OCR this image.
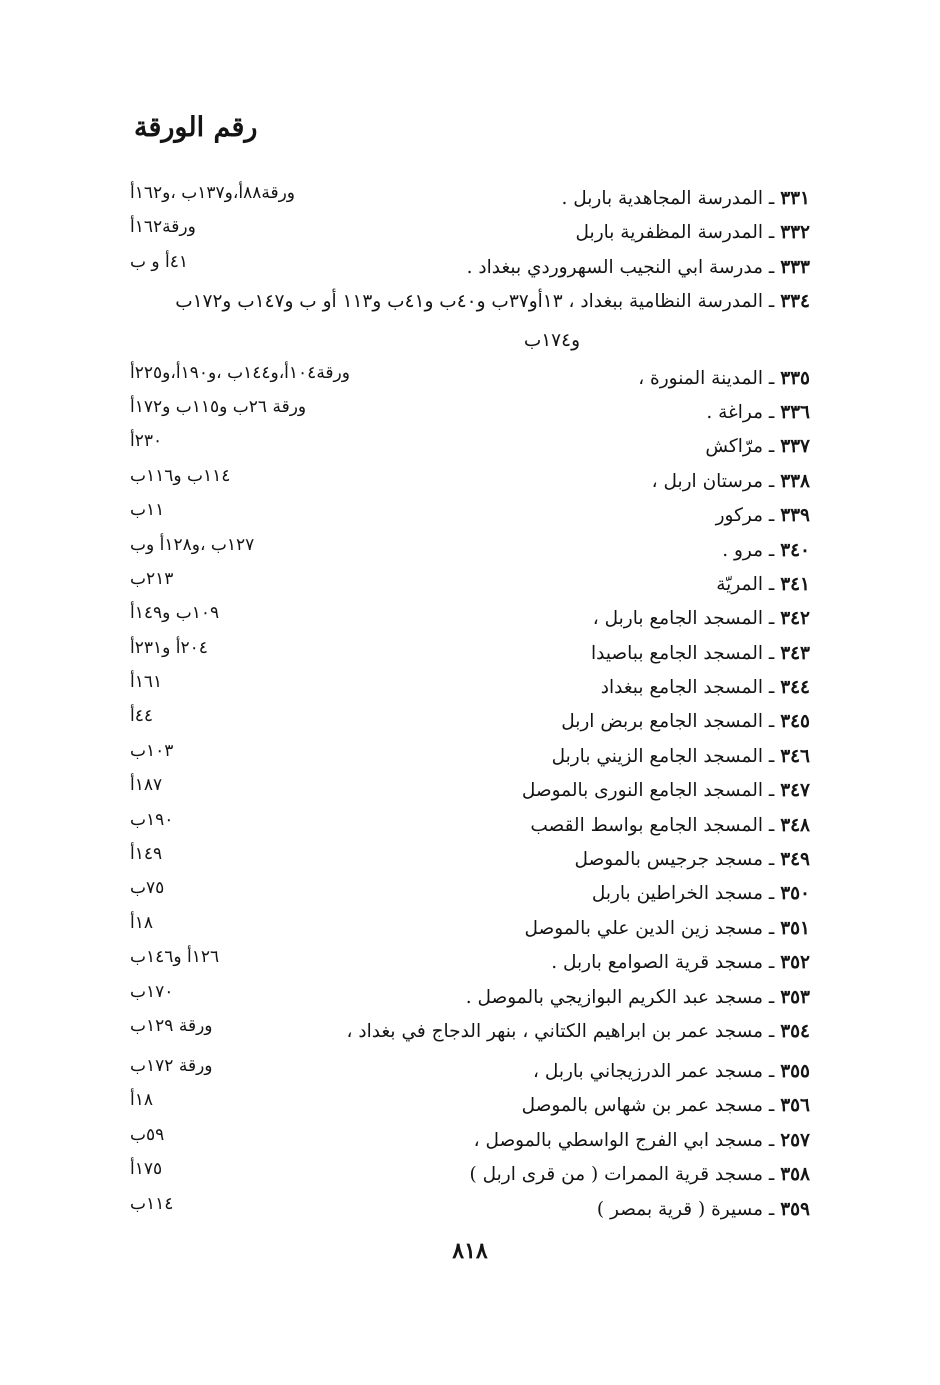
رقم الورقة
٣٣١ ـ المدرسة المجاهدية باربل .
ورقة٨٨أ،و١٣٧ب ،و١٦٢أ
٣٣٢ ـ المدرسة المظفرية باربل
ورقة١٦٢أ
٣٣٣ ـ مدرسة ابي النجيب السهروردي ببغداد .
٤١أ و ب
٣٣٤ ـ المدرسة النظامية ببغداد ، ١٣أو٣٧ب و٤٠ب و٤١ب و١١٣ أو ب و١٤٧ب و١٧٢ب
و١٧٤ب
٣٣٥ ـ المدينة المنورة ،
ورقة١٠٤أ،و١٤٤ب ،و١٩٠أ،و٢٢٥أ
٣٣٦ ـ مراغة .
ورقة ٢٦ب و١١٥ب و١٧٢أ
٣٣٧ ـ مرّاكش
٢٣٠أ
٣٣٨ ـ مرستان اربل ،
١١٤ب و١١٦ب
٣٣٩ ـ مركور
١١ب
٣٤٠ ـ مرو .
١٢٧ب ،و١٢٨أ وب
٣٤١ ـ المريّة
٢١٣ب
٣٤٢ ـ المسجد الجامع باربل ،
١٠٩ب و١٤٩أ
٣٤٣ ـ المسجد الجامع بباصيدا
٢٠٤أ و٢٣١أ
٣٤٤ ـ المسجد الجامع ببغداد
١٦١أ
٣٤٥ ـ المسجد الجامع بربض اربل
٤٤أ
٣٤٦ ـ المسجد الجامع الزيني باربل
١٠٣ب
٣٤٧ ـ المسجد الجامع النورى بالموصل
١٨٧أ
٣٤٨ ـ المسجد الجامع بواسط القصب
١٩٠ب
٣٤٩ ـ مسجد جرجيس بالموصل
١٤٩أ
٣٥٠ ـ مسجد الخراطين باربل
٧٥ب
٣٥١ ـ مسجد زين الدين علي بالموصل
١٨أ
٣٥٢ ـ مسجد قرية الصوامع باربل .
١٢٦أ و١٤٦ب
٣٥٣ ـ مسجد عبد الكريم البوازيجي بالموصل .
١٧٠ب
٣٥٤ ـ مسجد عمر بن ابراهيم الكتاني ، بنهر الدجاج في بغداد ،
ورقة ١٢٩ب
٣٥٥ ـ مسجد عمر الدرزيجاني باربل ،
ورقة ١٧٢ب
٣٥٦ ـ مسجد عمر بن شهاس بالموصل
١٨أ
٢٥٧ ـ مسجد ابي الفرج الواسطي بالموصل ،
٥٩ب
٣٥٨ ـ مسجد قرية الممرات ( من قرى اربل )
١٧٥أ
٣٥٩ ـ مسيرة ( قرية بمصر )
١١٤ب
٨١٨
